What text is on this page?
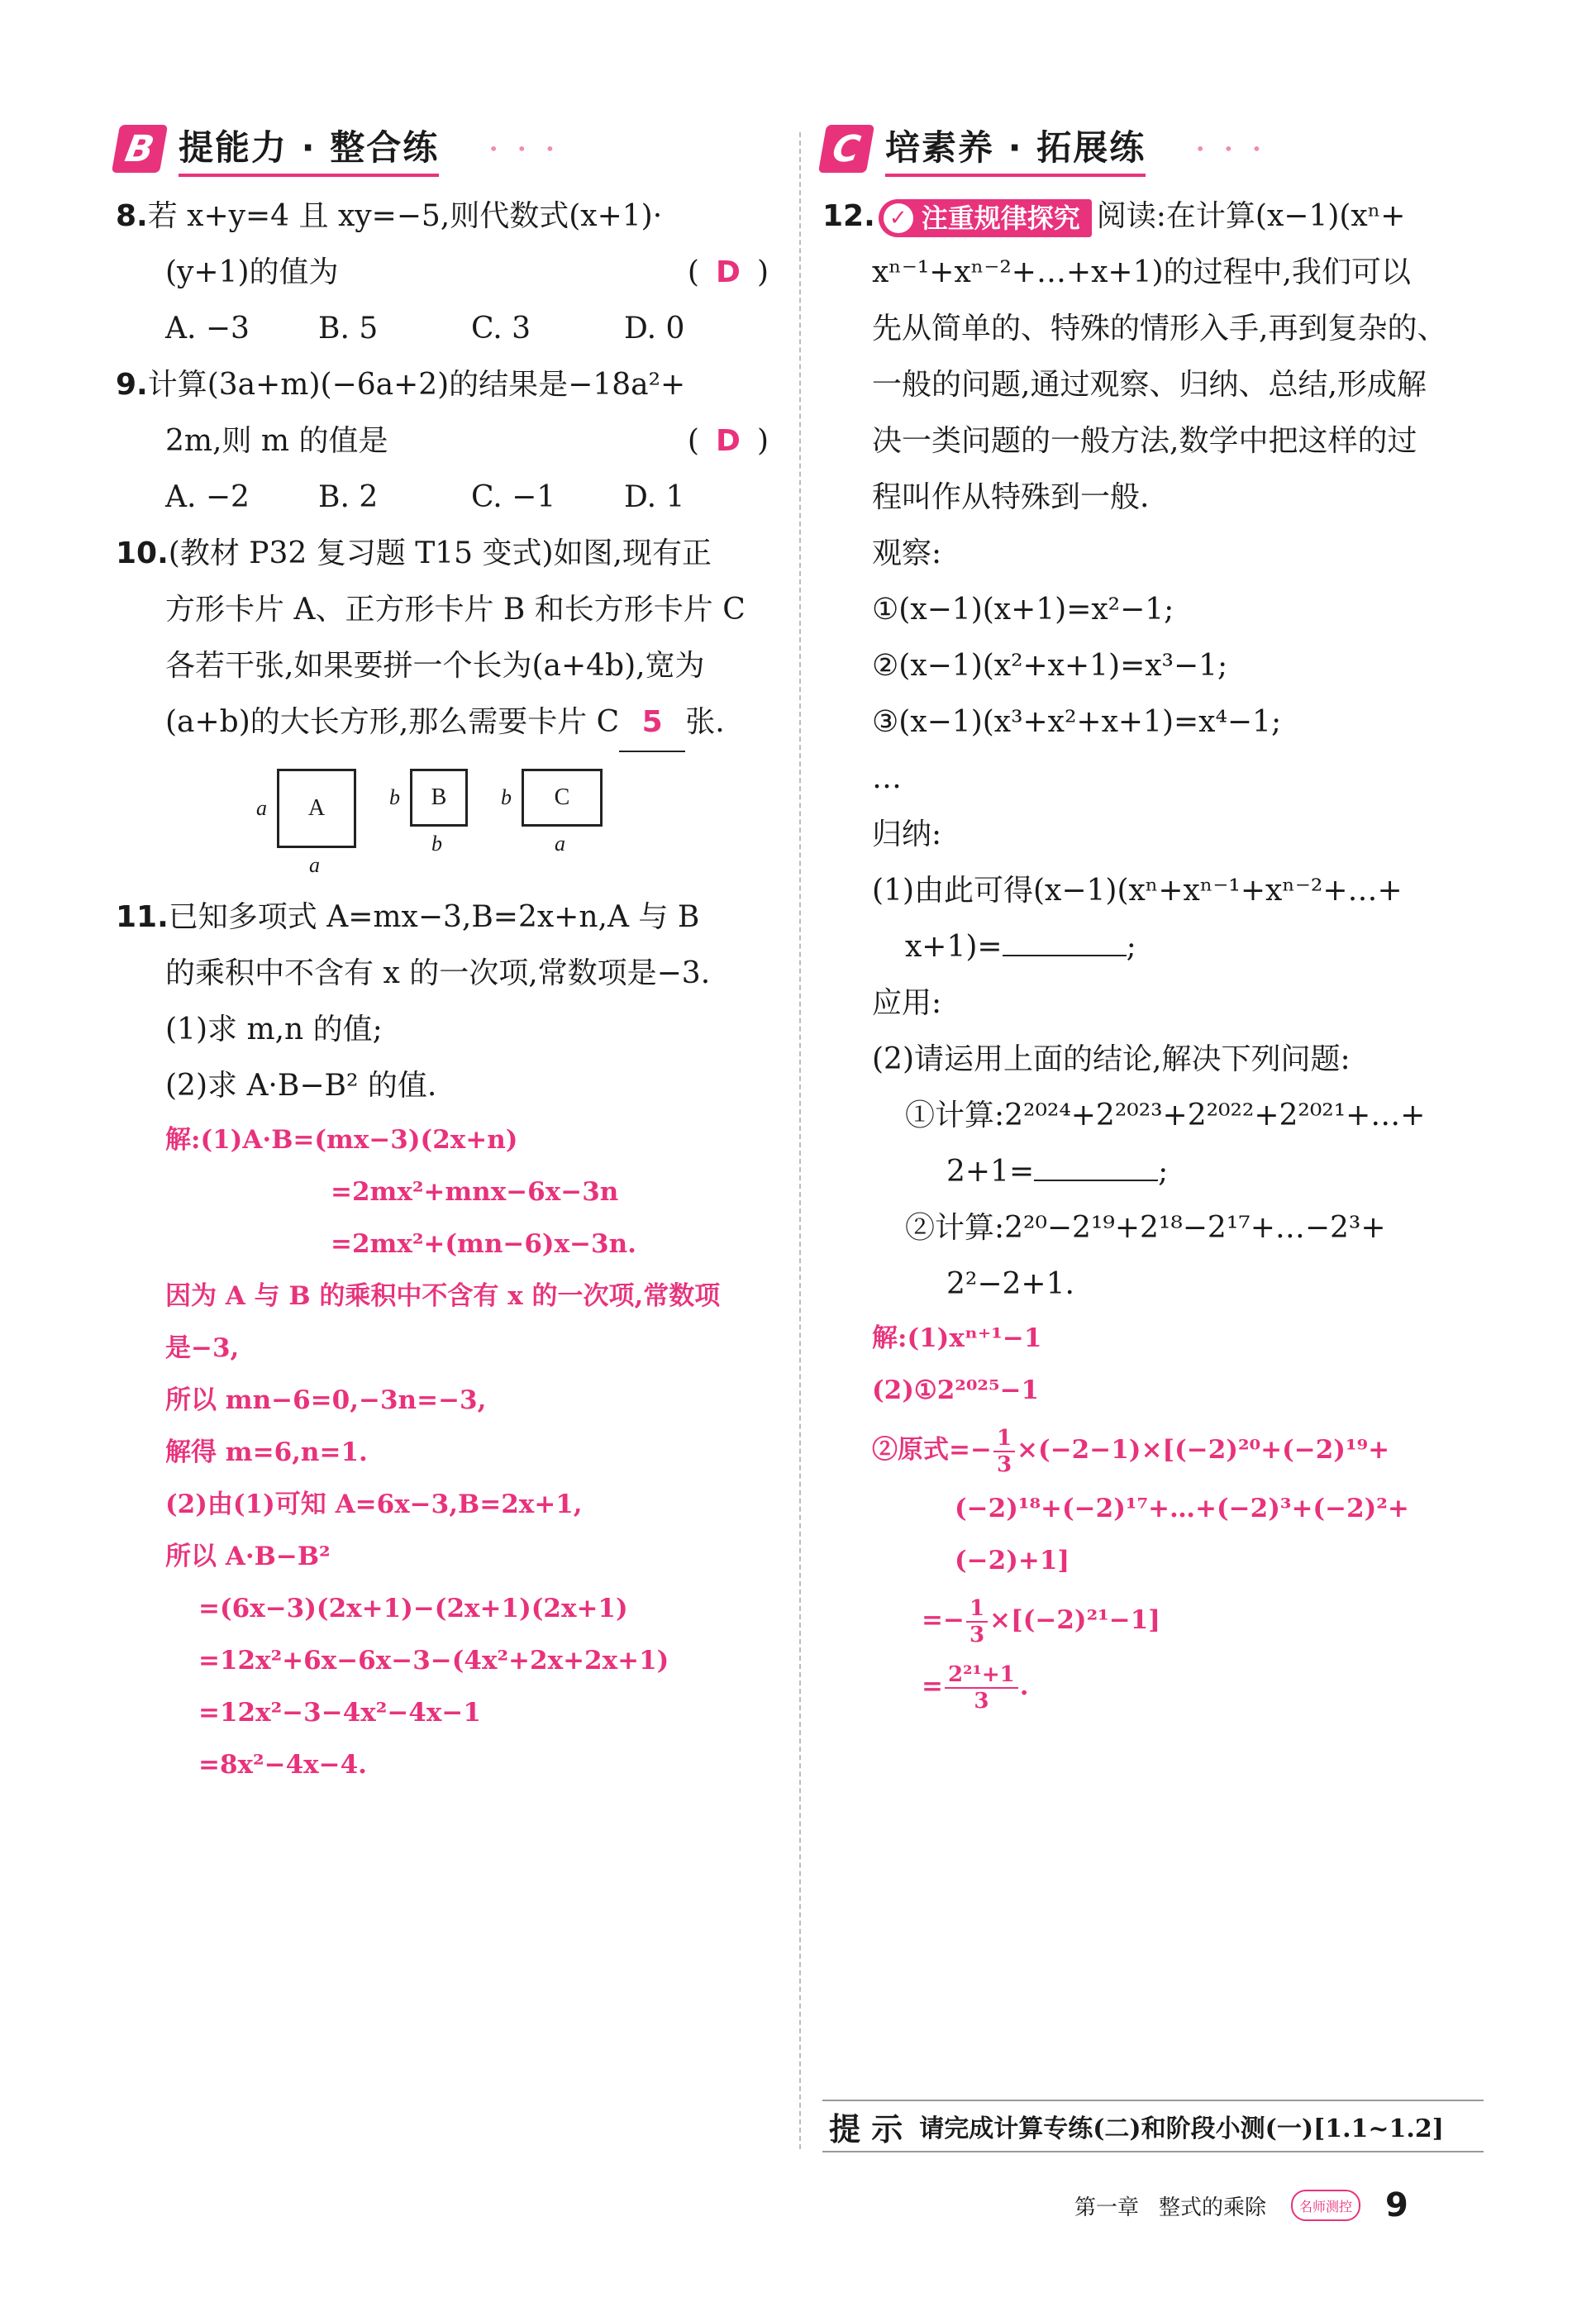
B 提能力 · 整合练	• • •
8.若 x+y=4 且 xy=−5,则代数式(x+1)·
(y+1)的值为	( D )
A. −3	B. 5	C. 3	D. 0
9.计算(3a+m)(−6a+2)的结果是−18a²+
2m,则 m 的值是	( D )
A. −2	B. 2	C. −1	D. 1
10.(教材 P32 复习题 T15 变式)如图,现有正
方形卡片 A、正方形卡片 B 和长方形卡片 C
各若干张,如果要拼一个长为(a+4b),宽为
(a+b)的大长方形,那么需要卡片 C 5 张.
a A
a
b B
b
b C
a
11.已知多项式 A=mx−3,B=2x+n,A 与 B
的乘积中不含有 x 的一次项,常数项是−3.
(1)求 m,n 的值;
(2)求 A·B−B² 的值.
解:(1)A·B=(mx−3)(2x+n)
=2mx²+mnx−6x−3n
=2mx²+(mn−6)x−3n.
因为 A 与 B 的乘积中不含有 x 的一次项,常数项
是−3,
所以 mn−6=0,−3n=−3,
解得 m=6,n=1.
(2)由(1)可知 A=6x−3,B=2x+1,
所以 A·B−B²
=(6x−3)(2x+1)−(2x+1)(2x+1)
=12x²+6x−6x−3−(4x²+2x+2x+1)
=12x²−3−4x²−4x−1
=8x²−4x−4.
C 培素养 · 拓展练	• • •
12. ✓ 注重规律探究 阅读:在计算(x−1)(xⁿ+
xⁿ⁻¹+xⁿ⁻²+…+x+1)的过程中,我们可以
先从简单的、特殊的情形入手,再到复杂的、
一般的问题,通过观察、归纳、总结,形成解
决一类问题的一般方法,数学中把这样的过
程叫作从特殊到一般.
观察:
①(x−1)(x+1)=x²−1;
②(x−1)(x²+x+1)=x³−1;
③(x−1)(x³+x²+x+1)=x⁴−1;
…
归纳:
(1)由此可得(x−1)(xⁿ+xⁿ⁻¹+xⁿ⁻²+…+
x+1)=	;
应用:
(2)请运用上面的结论,解决下列问题:
①计算:2²⁰²⁴+2²⁰²³+2²⁰²²+2²⁰²¹+…+
2+1=	;
②计算:2²⁰−2¹⁹+2¹⁸−2¹⁷+…−2³+
2²−2+1.
解:(1)xⁿ⁺¹−1
(2)①2²⁰²⁵−1
②原式=− $\frac{1}{3} \times(-2-1)\times[(-2)^{20}+(-2)^{19}+$
(−2)¹⁸+(−2)¹⁷+…+(−2)³+(−2)²+
(−2)+1]
=− $\frac{1}{3} \times[(-2)^{21}-1]$
= $\frac{\text{2²¹+1}}{3}$ .
提 示 请完成计算专练(二)和阶段小测(一)[1.1~1.2]
第一章 整式的乘除	名师测控 9
